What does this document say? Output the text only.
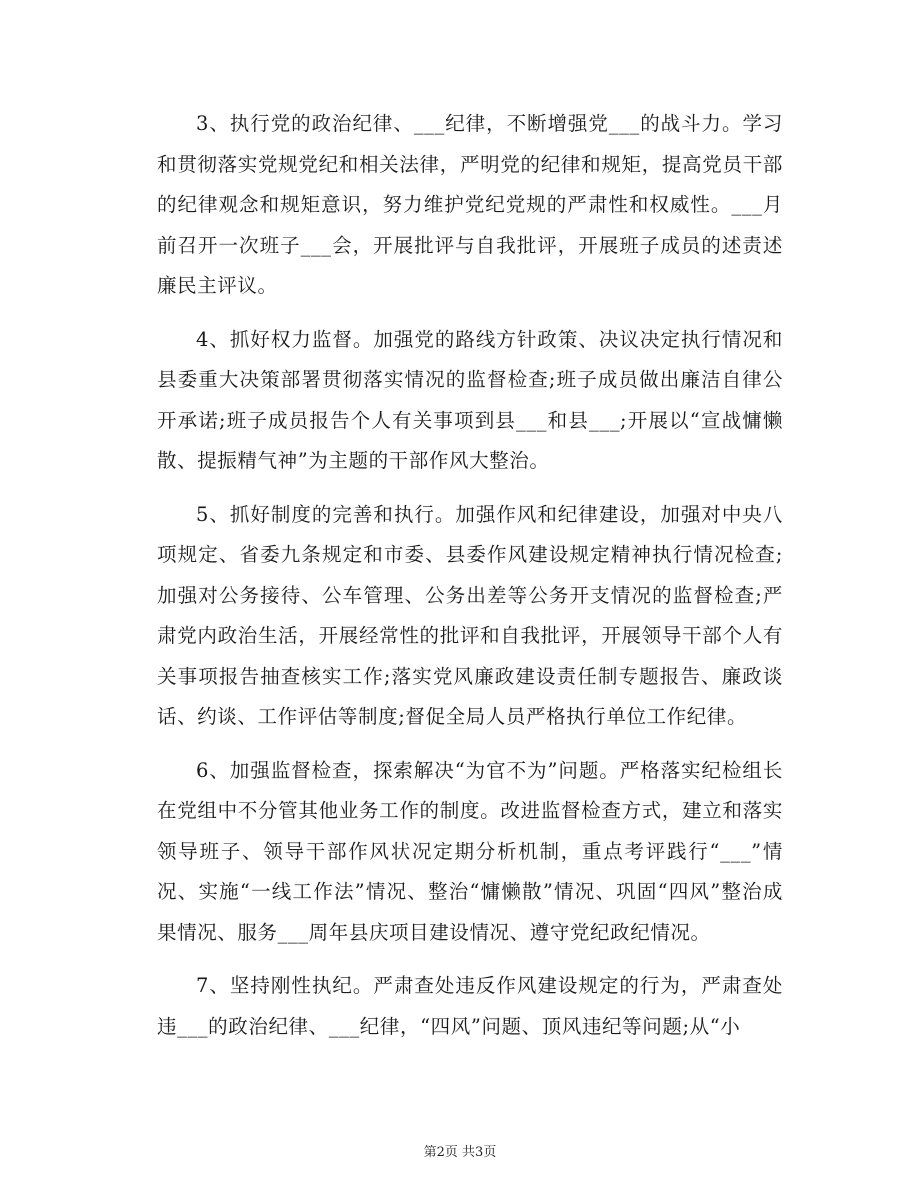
3、执行党的政治纪律、___纪律，不断增强党___的战斗力。学习和贯彻落实党规党纪和相关法律，严明党的纪律和规矩，提高党员干部的纪律观念和规矩意识，努力维护党纪党规的严肃性和权威性。___月前召开一次班子___会，开展批评与自我批评，开展班子成员的述责述廉民主评议。

4、抓好权力监督。加强党的路线方针政策、决议决定执行情况和县委重大决策部署贯彻落实情况的监督检查;班子成员做出廉洁自律公开承诺;班子成员报告个人有关事项到县___和县___;开展以“宣战慵懒散、提振精气神”为主题的干部作风大整治。

5、抓好制度的完善和执行。加强作风和纪律建设，加强对中央八项规定、省委九条规定和市委、县委作风建设规定精神执行情况检查;加强对公务接待、公车管理、公务出差等公务开支情况的监督检查;严肃党内政治生活，开展经常性的批评和自我批评，开展领导干部个人有关事项报告抽查核实工作;落实党风廉政建设责任制专题报告、廉政谈话、约谈、工作评估等制度;督促全局人员严格执行单位工作纪律。

6、加强监督检查，探索解决“为官不为”问题。严格落实纪检组长在党组中不分管其他业务工作的制度。改进监督检查方式，建立和落实领导班子、领导干部作风状况定期分析机制，重点考评践行“___”情况、实施“一线工作法”情况、整治“慵懒散”情况、巩固“四风”整治成果情况、服务___周年县庆项目建设情况、遵守党纪政纪情况。

7、坚持刚性执纪。严肃查处违反作风建设规定的行为，严肃查处违___的政治纪律、___纪律，“四风”问题、顶风违纪等问题;从“小

第2页 共3页
